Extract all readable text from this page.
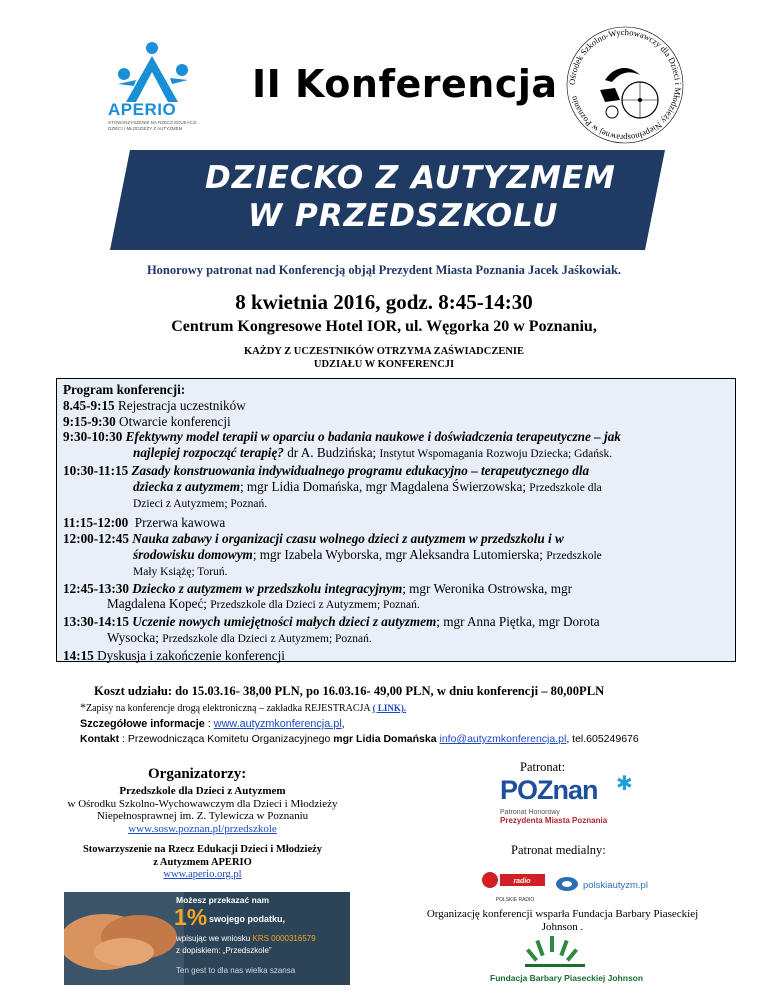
APERIO
STOWARZYSZENIE NA RZECZ EDUKACJI DZIECI I MŁODZIEŻY Z AUTYZMEM
II Konferencja Ośrodek Szkolno-Wychowawczy dla Dzieci i Młodzieży Niepełnosprawnej w Poznaniu
DZIECKO Z AUTYZMEM
W PRZEDSZKOLU
Honorowy patronat nad Konferencją objął Prezydent Miasta Poznania Jacek Jaśkowiak.
8 kwietnia 2016, godz. 8:45-14:30
Centrum Kongresowe Hotel IOR, ul. Węgorka 20 w Poznaniu,
KAŻDY Z UCZESTNIKÓW OTRZYMA ZAŚWIADCZENIE
UDZIAŁU W KONFERENCJI

Program konferencji:

8.45-9:15 Rejestracja uczestników

9:15-9:30 Otwarcie konferencji

9:30-10:30 Efektywny model terapii w oparciu o badania naukowe i doświadczenia terapeutyczne – jak

najlepiej rozpocząć terapię? dr A. Budzińska; Instytut Wspomagania Rozwoju Dziecka; Gdańsk.

10:30-11:15 Zasady konstruowania indywidualnego programu edukacyjno – terapeutycznego dla

dziecka z autyzmem; mgr Lidia Domańska, mgr Magdalena Świerzowska; Przedszkole dla

Dzieci z Autyzmem; Poznań.

11:15-12:00 Przerwa kawowa

12:00-12:45 Nauka zabawy i organizacji czasu wolnego dzieci z autyzmem w przedszkolu i w

środowisku domowym; mgr Izabela Wyborska, mgr Aleksandra Lutomierska; Przedszkole

Mały Książę; Toruń.

12:45-13:30 Dziecko z autyzmem w przedszkolu integracyjnym; mgr Weronika Ostrowska, mgr

Magdalena Kopeć; Przedszkole dla Dzieci z Autyzmem; Poznań.

13:30-14:15 Uczenie nowych umiejętności małych dzieci z autyzmem; mgr Anna Piętka, mgr Dorota

Wysocka; Przedszkole dla Dzieci z Autyzmem; Poznań.

14:15 Dyskusja i zakończenie konferencji

Koszt udziału: do 15.03.16- 38,00 PLN, po 16.03.16- 49,00 PLN, w dniu konferencji – 80,00PLN
*Zapisy na konferencje drogą elektroniczną – zakładka REJESTRACJA ( LINK).
Szczegółowe informacje : www.autyzmkonferencja.pl,
Kontakt : Przewodnicząca Komitetu Organizacyjnego mgr Lidia Domańska info@autyzmkonferencja.pl, tel.605249676
Organizatorzy:
Przedszkole dla Dzieci z Autyzmem
w Ośrodku Szkolno-Wychowawczym dla Dzieci i Młodzieży
Niepełnosprawnej im. Z. Tylewicza w Poznaniu
www.sosw.poznan.pl/przedszkole
Stowarzyszenie na Rzecz Edukacji Dzieci i Młodzieży
z Autyzmem APERIO
www.aperio.org.pl
Możesz przekazać nam
1% swojego podatku,
wpisując we wniosku KRS 0000316579
z dopiskiem: „Przedszkole”
Ten gest to dla nas wielka szansa
Patronat:
POZnan ✱
Patronat Honorowy
Prezydenta Miasta Poznania
Patronat medialny:
radio
POLSKIE RADIO
polskiautyzm.pl
Organizację konferencji wsparła Fundacja Barbary Piaseckiej Johnson .
Fundacja Barbary Piaseckiej Johnson
